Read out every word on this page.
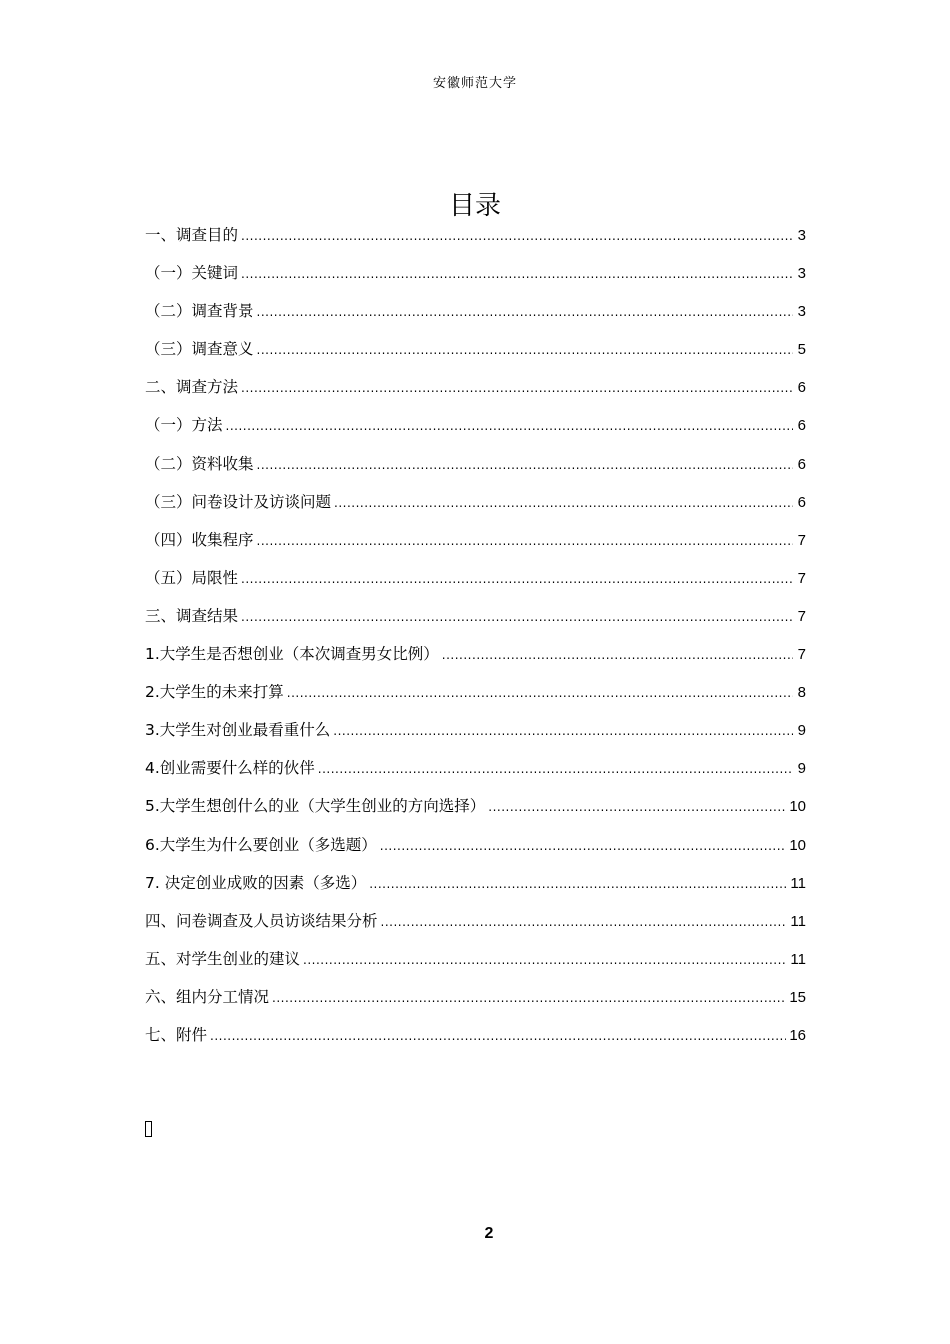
安徽师范大学
目录
一、调查目的 .....	3
（一）关键词 .....	3
（二）调查背景 .....	3
（三）调查意义 .....	5
二、调查方法 .....	6
（一）方法 .....	6
（二）资料收集 .....	6
（三）问卷设计及访谈问题 .....	6
（四）收集程序 .....	7
（五）局限性 .....	7
三、调查结果 .....	7
1.大学生是否想创业（本次调查男女比例） .....	7
2.大学生的未来打算 .....	8
3.大学生对创业最看重什么 .....	9
4.创业需要什么样的伙伴 .....	9
5.大学生想创什么的业（大学生创业的方向选择） .....	10
6.大学生为什么要创业（多选题） .....	10
7. 决定创业成败的因素（多选） .....	11
四、问卷调查及人员访谈结果分析 .....	11
五、对学生创业的建议 .....	11
六、组内分工情况 .....	15
七、附件 .....	16
2
